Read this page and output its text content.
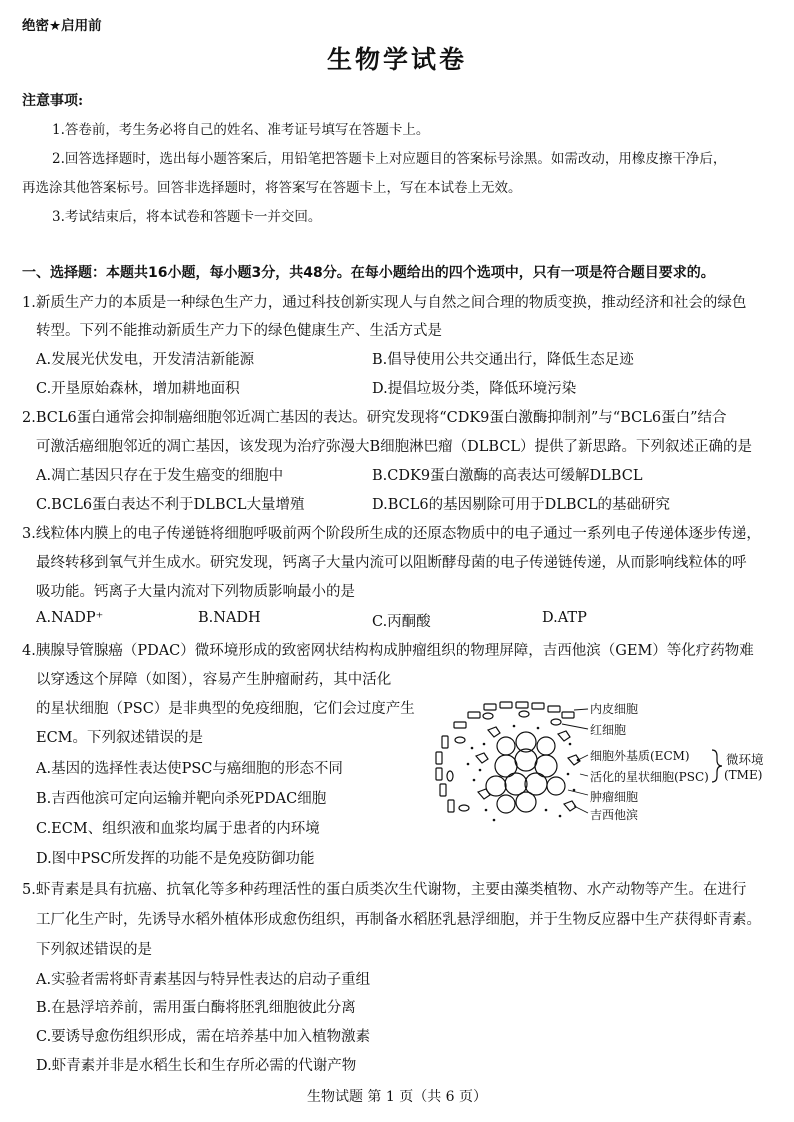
绝密★启用前
生物学试卷
注意事项:
1.答卷前，考生务必将自己的姓名、准考证号填写在答题卡上。
2.回答选择题时，选出每小题答案后，用铅笔把答题卡上对应题目的答案标号涂黑。如需改动，用橡皮擦干净后，
再选涂其他答案标号。回答非选择题时，将答案写在答题卡上，写在本试卷上无效。
3.考试结束后，将本试卷和答题卡一并交回。
一、选择题：本题共16小题，每小题3分，共48分。在每小题给出的四个选项中，只有一项是符合题目要求的。
1.新质生产力的本质是一种绿色生产力，通过科技创新实现人与自然之间合理的物质变换，推动经济和社会的绿色
转型。下列不能推动新质生产力下的绿色健康生产、生活方式是
A.发展光伏发电，开发清洁新能源	B.倡导使用公共交通出行，降低生态足迹
C.开垦原始森林，增加耕地面积	D.提倡垃圾分类，降低环境污染
2.BCL6蛋白通常会抑制癌细胞邻近凋亡基因的表达。研究发现将“CDK9蛋白激酶抑制剂”与“BCL6蛋白”结合
可激活癌细胞邻近的凋亡基因，该发现为治疗弥漫大B细胞淋巴瘤（DLBCL）提供了新思路。下列叙述正确的是
A.凋亡基因只存在于发生癌变的细胞中	B.CDK9蛋白激酶的高表达可缓解DLBCL
C.BCL6蛋白表达不利于DLBCL大量增殖	D.BCL6的基因剔除可用于DLBCL的基础研究
3.线粒体内膜上的电子传递链将细胞呼吸前两个阶段所生成的还原态物质中的电子通过一系列电子传递体逐步传递，
最终转移到氧气并生成水。研究发现，钙离子大量内流可以阻断酵母菌的电子传递链传递，从而影响线粒体的呼
吸功能。钙离子大量内流对下列物质影响最小的是
A.NADP⁺	B.NADH	C.丙酮酸	D.ATP
4.胰腺导管腺癌（PDAC）微环境形成的致密网状结构构成肿瘤组织的物理屏障，吉西他滨（GEM）等化疗药物难
以穿透这个屏障（如图），容易产生肿瘤耐药，其中活化
的星状细胞（PSC）是非典型的免疫细胞，它们会过度产生
ECM。下列叙述错误的是
A.基因的选择性表达使PSC与癌细胞的形态不同
B.吉西他滨可定向运输并靶向杀死PDAC细胞
C.ECM、组织液和血浆均属于患者的内环境
D.图中PSC所发挥的功能不是免疫防御功能
内皮细胞
红细胞
细胞外基质(ECM)
活化的星状细胞(PSC)
肿瘤细胞
吉西他滨
微环境
(TME)
5.虾青素是具有抗癌、抗氧化等多种药理活性的蛋白质类次生代谢物，主要由藻类植物、水产动物等产生。在进行
工厂化生产时，先诱导水稻外植体形成愈伤组织，再制备水稻胚乳悬浮细胞，并于生物反应器中生产获得虾青素。
下列叙述错误的是
A.实验者需将虾青素基因与特异性表达的启动子重组
B.在悬浮培养前，需用蛋白酶将胚乳细胞彼此分离
C.要诱导愈伤组织形成，需在培养基中加入植物激素
D.虾青素并非是水稻生长和生存所必需的代谢产物
生物试题 第 1 页（共 6 页）
